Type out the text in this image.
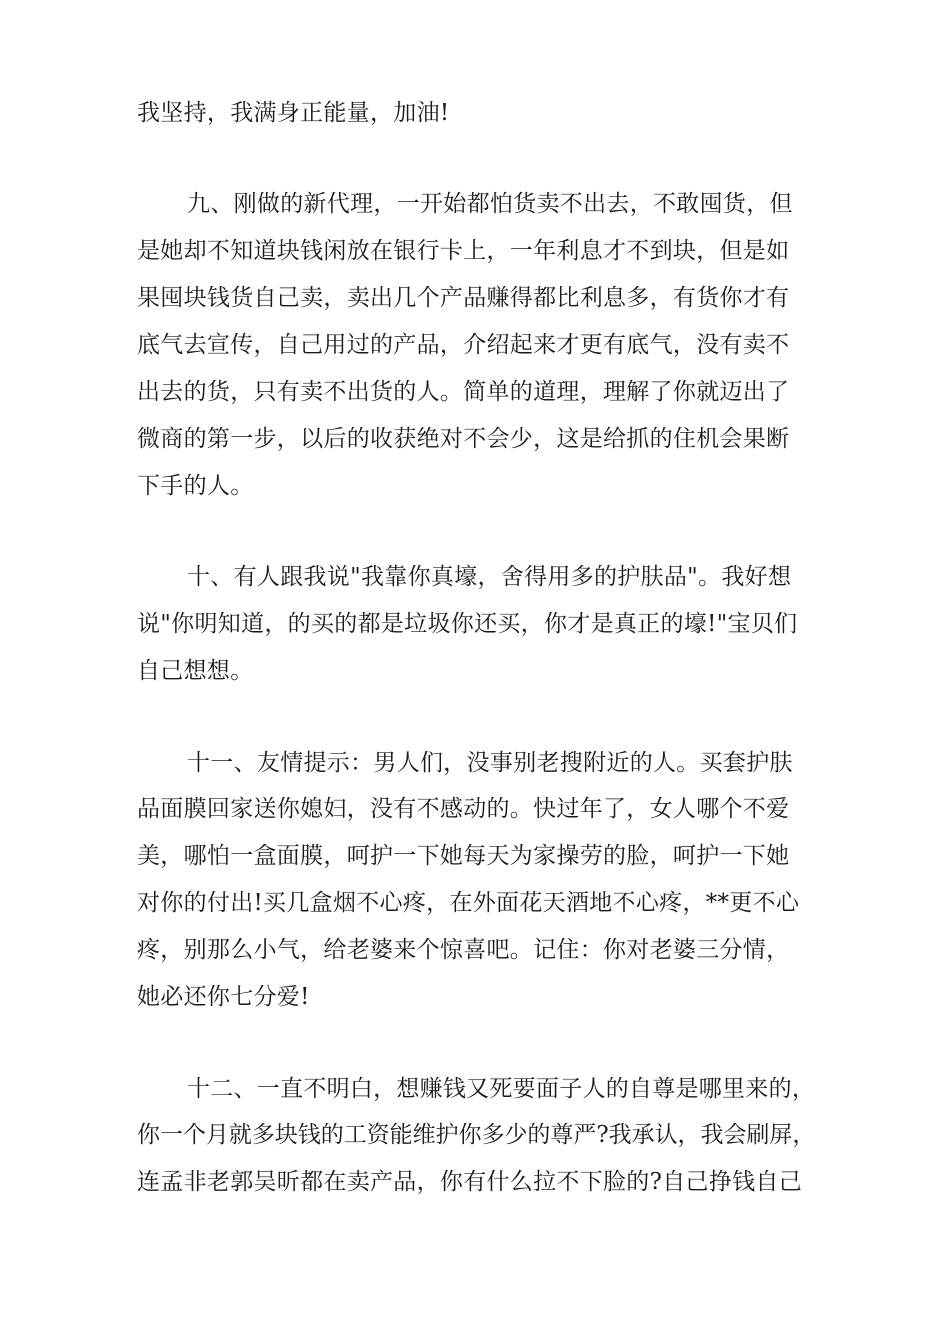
我坚持，我满身正能量，加油!

九、刚做的新代理，一开始都怕货卖不出去，不敢囤货，但

是她却不知道块钱闲放在银行卡上，一年利息才不到块，但是如

果囤块钱货自己卖，卖出几个产品赚得都比利息多，有货你才有

底气去宣传，自己用过的产品，介绍起来才更有底气，没有卖不

出去的货，只有卖不出货的人。简单的道理，理解了你就迈出了

微商的第一步，以后的收获绝对不会少，这是给抓的住机会果断

下手的人。

十、有人跟我说"我靠你真壕，舍得用多的护肤品"。我好想

说"你明知道，的买的都是垃圾你还买，你才是真正的壕!"宝贝们

自己想想。

十一、友情提示：男人们，没事别老搜附近的人。买套护肤

品面膜回家送你媳妇，没有不感动的。快过年了，女人哪个不爱

美，哪怕一盒面膜，呵护一下她每天为家操劳的脸，呵护一下她

对你的付出!买几盒烟不心疼，在外面花天酒地不心疼，**更不心

疼，别那么小气，给老婆来个惊喜吧。记住：你对老婆三分情，

她必还你七分爱!

十二、一直不明白，想赚钱又死要面子人的自尊是哪里来的，

你一个月就多块钱的工资能维护你多少的尊严?我承认，我会刷屏，

连孟非老郭吴昕都在卖产品，你有什么拉不下脸的?自己挣钱自己
